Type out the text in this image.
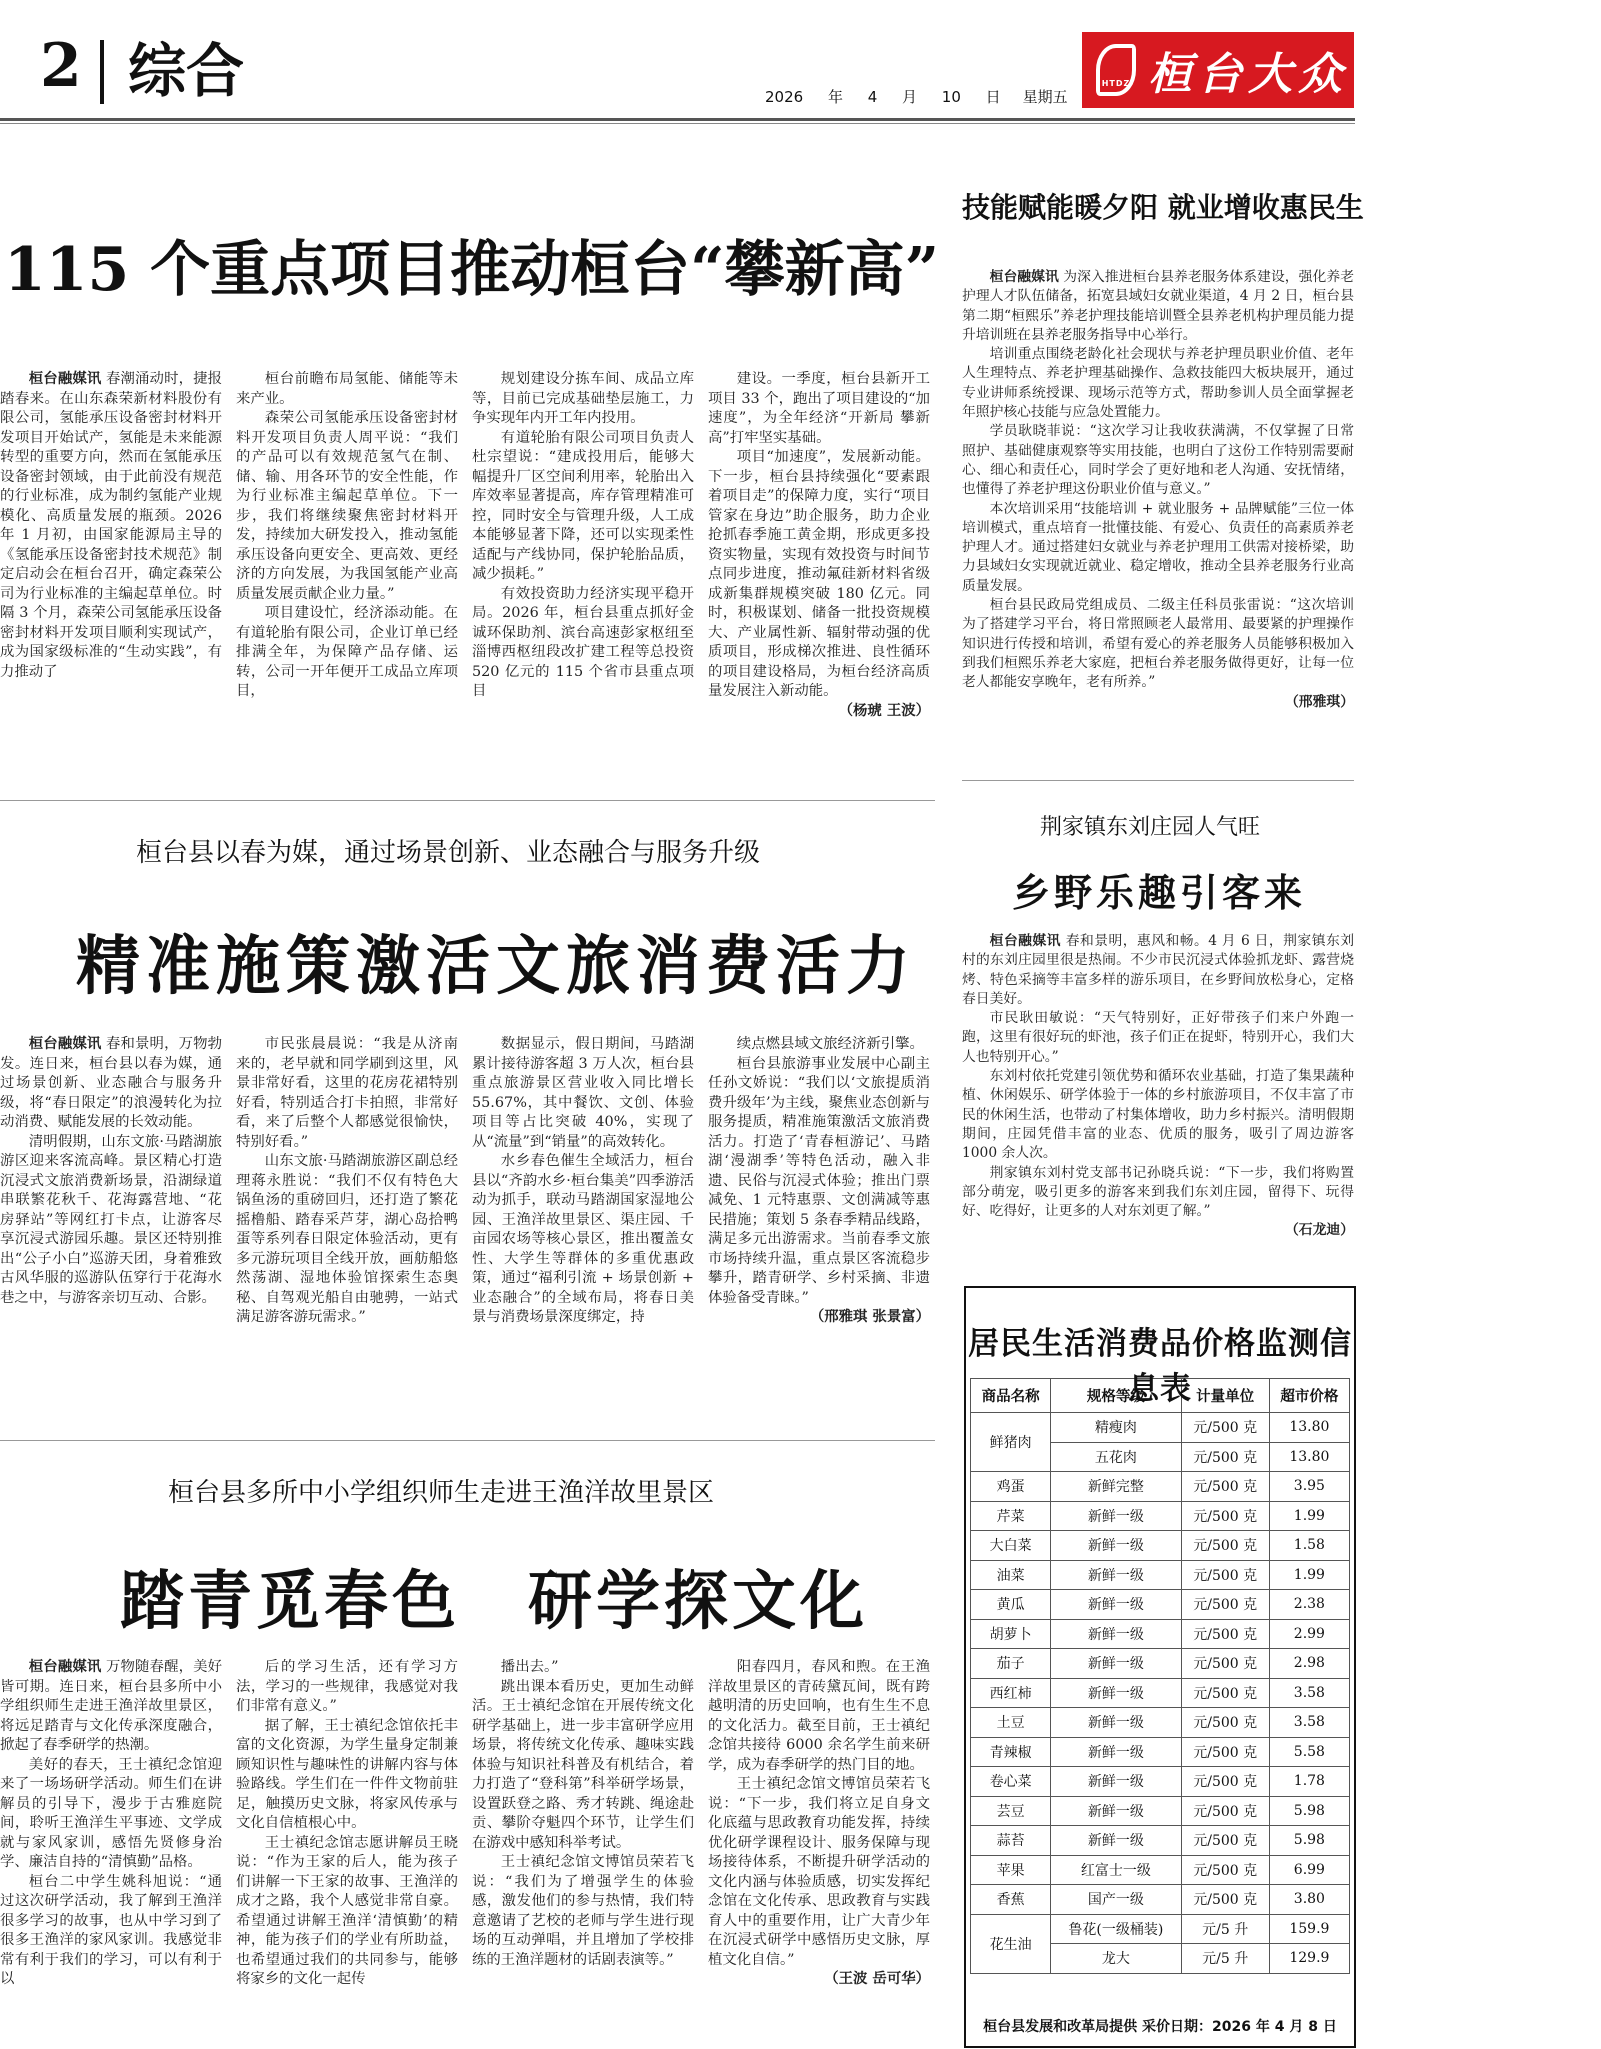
2 综合	2026 年 4 月 10 日 星期五
HTDZ 桓台大众
115 个重点项目推动桓台“攀新高”

桓台融媒讯 春潮涌动时，捷报踏春来。在山东森荣新材料股份有限公司，氢能承压设备密封材料开发项目开始试产，氢能是未来能源转型的重要方向，然而在氢能承压设备密封领域，由于此前没有规范的行业标准，成为制约氢能产业规模化、高质量发展的瓶颈。2026 年 1 月初，由国家能源局主导的《氢能承压设备密封技术规范》制定启动会在桓台召开，确定森荣公司为行业标准的主编起草单位。时隔 3 个月，森荣公司氢能承压设备密封材料开发项目顺利实现试产，成为国家级标准的“生动实践”，有力推动了

桓台前瞻布局氢能、储能等未来产业。

森荣公司氢能承压设备密封材料开发项目负责人周平说：“我们的产品可以有效规范氢气在制、储、输、用各环节的安全性能，作为行业标准主编起草单位。下一步，我们将继续聚焦密封材料开发，持续加大研发投入，推动氢能承压设备向更安全、更高效、更经济的方向发展，为我国氢能产业高质量发展贡献企业力量。”

项目建设忙，经济添动能。在有道轮胎有限公司，企业订单已经排满全年，为保障产品存储、运转，公司一开年便开工成品立库项目，

规划建设分拣车间、成品立库等，目前已完成基础垫层施工，力争实现年内开工年内投用。

有道轮胎有限公司项目负责人杜宗望说：“建成投用后，能够大幅提升厂区空间利用率，轮胎出入库效率显著提高，库存管理精准可控，同时安全与管理升级，人工成本能够显著下降，还可以实现柔性适配与产线协同，保护轮胎品质，减少损耗。”

有效投资助力经济实现平稳开局。2026 年，桓台县重点抓好金诚环保助剂、滨台高速彭家枢纽至淄博西枢纽段改扩建工程等总投资 520 亿元的 115 个省市县重点项目

建设。一季度，桓台县新开工项目 33 个，跑出了项目建设的“加速度”，为全年经济“开新局 攀新高”打牢坚实基础。

项目“加速度”，发展新动能。下一步，桓台县持续强化“要素跟着项目走”的保障力度，实行“项目管家在身边”助企服务，助力企业抢抓春季施工黄金期，形成更多投资实物量，实现有效投资与时间节点同步进度，推动氟硅新材料省级成新集群规模突破 180 亿元。同时，积极谋划、储备一批投资规模大、产业属性新、辐射带动强的优质项目，形成梯次推进、良性循环的项目建设格局，为桓台经济高质量发展注入新动能。

（杨琥 王波）
桓台县以春为媒，通过场景创新、业态融合与服务升级
精准施策激活文旅消费活力

桓台融媒讯 春和景明，万物勃发。连日来，桓台县以春为媒，通过场景创新、业态融合与服务升级，将“春日限定”的浪漫转化为拉动消费、赋能发展的长效动能。

清明假期，山东文旅·马踏湖旅游区迎来客流高峰。景区精心打造沉浸式文旅消费新场景，沿湖绿道串联繁花秋千、花海露营地、“花房驿站”等网红打卡点，让游客尽享沉浸式游园乐趣。景区还特别推出“公子小白”巡游天团，身着雅致古风华服的巡游队伍穿行于花海水巷之中，与游客亲切互动、合影。

市民张晨晨说：“我是从济南来的，老早就和同学刷到这里，风景非常好看，这里的花房花裙特别好看，特别适合打卡拍照，非常好看，来了后整个人都感觉很愉快，特别好看。”

山东文旅·马踏湖旅游区副总经理蒋永胜说：“我们不仅有特色大锅鱼汤的重磅回归，还打造了繁花摇橹船、踏春采芦芽，湖心岛拾鸭蛋等系列春日限定体验活动，更有多元游玩项目全线开放，画舫船悠然荡湖、湿地体验馆探索生态奥秘、自驾观光船自由驰骋，一站式满足游客游玩需求。”

数据显示，假日期间，马踏湖累计接待游客超 3 万人次，桓台县重点旅游景区营业收入同比增长 55.67%，其中餐饮、文创、体验项目等占比突破 40%，实现了从“流量”到“销量”的高效转化。

水乡春色催生全域活力，桓台县以“齐韵水乡·桓台集美”四季游活动为抓手，联动马踏湖国家湿地公园、王渔洋故里景区、渠庄园、千亩园农场等核心景区，推出覆盖女性、大学生等群体的多重优惠政策，通过“福利引流 + 场景创新 + 业态融合”的全域布局，将春日美景与消费场景深度绑定，持

续点燃县域文旅经济新引擎。

桓台县旅游事业发展中心副主任孙文娇说：“我们以‘文旅提质消费升级年’为主线，聚焦业态创新与服务提质，精准施策激活文旅消费活力。打造了‘青春桓游记’、马踏湖‘漫湖季’等特色活动，融入非遗、民俗与沉浸式体验；推出门票减免、1 元特惠票、文创满减等惠民措施；策划 5 条春季精品线路，满足多元出游需求。当前春季文旅市场持续升温，重点景区客流稳步攀升，踏青研学、乡村采摘、非遗体验备受青睐。”

（邢雅琪 张景富）
桓台县多所中小学组织师生走进王渔洋故里景区
踏青觅春色　研学探文化

桓台融媒讯 万物随春醒，美好皆可期。连日来，桓台县多所中小学组织师生走进王渔洋故里景区，将远足踏青与文化传承深度融合，掀起了春季研学的热潮。

美好的春天，王士禛纪念馆迎来了一场场研学活动。师生们在讲解员的引导下，漫步于古雅庭院间，聆听王渔洋生平事迹、文学成就与家风家训，感悟先贤修身治学、廉洁自持的“清慎勤”品格。

桓台二中学生姚科旭说：“通过这次研学活动，我了解到王渔洋很多学习的故事，也从中学习到了很多王渔洋的家风家训。我感觉非常有利于我们的学习，可以有利于以

后的学习生活，还有学习方法，学习的一些规律，我感觉对我们非常有意义。”

据了解，王士禛纪念馆依托丰富的文化资源，为学生量身定制兼顾知识性与趣味性的讲解内容与体验路线。学生们在一件件文物前驻足，触摸历史文脉，将家风传承与文化自信植根心中。

王士禛纪念馆志愿讲解员王晓说：“作为王家的后人，能为孩子们讲解一下王家的故事、王渔洋的成才之路，我个人感觉非常自豪。希望通过讲解王渔洋‘清慎勤’的精神，能为孩子们的学业有所助益，也希望通过我们的共同参与，能够将家乡的文化一起传

播出去。”

跳出课本看历史，更加生动鲜活。王士禛纪念馆在开展传统文化研学基础上，进一步丰富研学应用场景，将传统文化传承、趣味实践体验与知识社科普及有机结合，着力打造了“登科第”科举研学场景，设置跃登之路、秀才转跳、绳途赴贡、攀阶夺魁四个环节，让学生们在游戏中感知科举考试。

王士禛纪念馆文博馆员荣若飞说：“我们为了增强学生的体验感，激发他们的参与热情，我们特意邀请了艺校的老师与学生进行现场的互动弹唱，并且增加了学校排练的王渔洋题材的话剧表演等。”

阳春四月，春风和煦。在王渔洋故里景区的青砖黛瓦间，既有跨越明清的历史回响，也有生生不息的文化活力。截至目前，王士禛纪念馆共接待 6000 余名学生前来研学，成为春季研学的热门目的地。

王士禛纪念馆文博馆员荣若飞说：“下一步，我们将立足自身文化底蕴与思政教育功能发挥，持续优化研学课程设计、服务保障与现场接待体系，不断提升研学活动的文化内涵与体验质感，切实发挥纪念馆在文化传承、思政教育与实践育人中的重要作用，让广大青少年在沉浸式研学中感悟历史文脉，厚植文化自信。”

（王波 岳可华）
技能赋能暖夕阳 就业增收惠民生

桓台融媒讯 为深入推进桓台县养老服务体系建设，强化养老护理人才队伍储备，拓宽县域妇女就业渠道，4 月 2 日，桓台县第二期“桓熙乐”养老护理技能培训暨全县养老机构护理员能力提升培训班在县养老服务指导中心举行。

培训重点围绕老龄化社会现状与养老护理员职业价值、老年人生理特点、养老护理基础操作、急救技能四大板块展开，通过专业讲师系统授课、现场示范等方式，帮助参训人员全面掌握老年照护核心技能与应急处置能力。

学员耿晓菲说：“这次学习让我收获满满，不仅掌握了日常照护、基础健康观察等实用技能，也明白了这份工作特别需要耐心、细心和责任心，同时学会了更好地和老人沟通、安抚情绪，也懂得了养老护理这份职业价值与意义。”

本次培训采用“技能培训 + 就业服务 + 品牌赋能”三位一体培训模式，重点培育一批懂技能、有爱心、负责任的高素质养老护理人才。通过搭建妇女就业与养老护理用工供需对接桥梁，助力县域妇女实现就近就业、稳定增收，推动全县养老服务行业高质量发展。

桓台县民政局党组成员、二级主任科员张雷说：“这次培训为了搭建学习平台，将日常照顾老人最常用、最要紧的护理操作知识进行传授和培训，希望有爱心的养老服务人员能够积极加入到我们桓熙乐养老大家庭，把桓台养老服务做得更好，让每一位老人都能安享晚年，老有所养。”

（邢雅琪）
荆家镇东刘庄园人气旺
乡野乐趣引客来

桓台融媒讯 春和景明，惠风和畅。4 月 6 日，荆家镇东刘村的东刘庄园里很是热闹。不少市民沉浸式体验抓龙虾、露营烧烤、特色采摘等丰富多样的游乐项目，在乡野间放松身心，定格春日美好。

市民耿田敏说：“天气特别好，正好带孩子们来户外跑一跑，这里有很好玩的虾池，孩子们正在捉虾，特别开心，我们大人也特别开心。”

东刘村依托党建引领优势和循环农业基础，打造了集果蔬种植、休闲娱乐、研学体验于一体的乡村旅游项目，不仅丰富了市民的休闲生活，也带动了村集体增收，助力乡村振兴。清明假期期间，庄园凭借丰富的业态、优质的服务，吸引了周边游客 1000 余人次。

荆家镇东刘村党支部书记孙晓兵说：“下一步，我们将购置部分萌宠，吸引更多的游客来到我们东刘庄园，留得下、玩得好、吃得好，让更多的人对东刘更了解。”

（石龙迪）
居民生活消费品价格监测信息表
商品名称	规格等级	计量单位	超市价格
鲜猪肉	精瘦肉	元/500 克	13.80
	五花肉	元/500 克	13.80
鸡蛋	新鲜完整	元/500 克	3.95
芹菜	新鲜一级	元/500 克	1.99
大白菜	新鲜一级	元/500 克	1.58
油菜	新鲜一级	元/500 克	1.99
黄瓜	新鲜一级	元/500 克	2.38
胡萝卜	新鲜一级	元/500 克	2.99
茄子	新鲜一级	元/500 克	2.98
西红柿	新鲜一级	元/500 克	3.58
土豆	新鲜一级	元/500 克	3.58
青辣椒	新鲜一级	元/500 克	5.58
卷心菜	新鲜一级	元/500 克	1.78
芸豆	新鲜一级	元/500 克	5.98
蒜苔	新鲜一级	元/500 克	5.98
苹果	红富士一级	元/500 克	6.99
香蕉	国产一级	元/500 克	3.80
花生油	鲁花(一级桶装)	元/5 升	159.9
	龙大	元/5 升	129.9
桓台县发展和改革局提供 采价日期：2026 年 4 月 8 日
